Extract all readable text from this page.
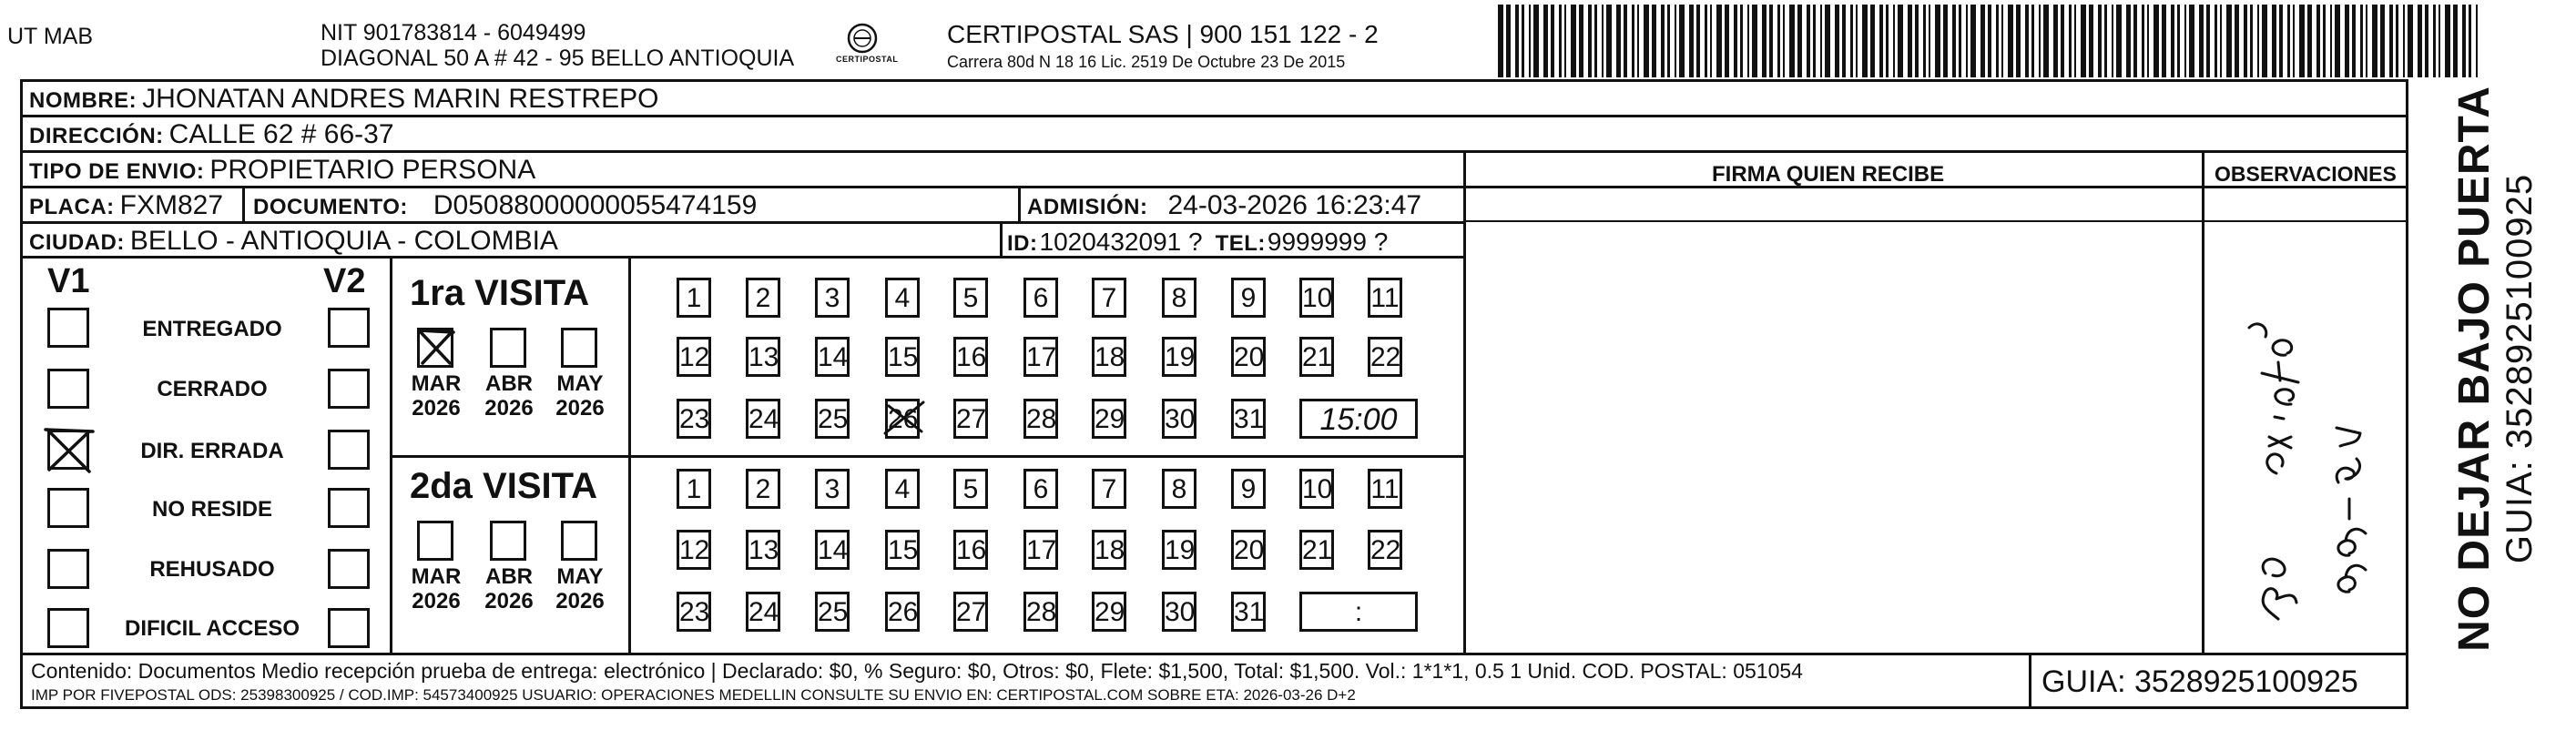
UT MAB	NIT 901783814 - 6049499
DIAGONAL 50 A # 42 - 95 BELLO ANTIOQUIA	CERTIPOSTAL
CERTIPOSTAL SAS | 900 151 122 - 2
Carrera 80d N 18 16 Lic. 2519 De Octubre 23 De 2015
NOMBRE: JHONATAN ANDRES MARIN RESTREPO
DIRECCIÓN: CALLE 62 # 66-37
TIPO DE ENVIO: PROPIETARIO PERSONA	FIRMA QUIEN RECIBE	OBSERVACIONES
PLACA: FXM827 DOCUMENTO: D05088000000055474159	ADMISIÓN: 24-03-2026 16:23:47
CIUDAD: BELLO - ANTIOQUIA - COLOMBIA	ID:1020432091 ? TEL:9999999 ?
V1	V2
ENTREGADO
CERRADO
DIR. ERRADA
NO RESIDE
REHUSADO
DIFICIL ACCESO
1ra VISITA
2da VISITA
MAR
2026
ABR
2026
MAY
2026
1	2	3	4	5	6	7	8	9	10 11
12 13 14 15 16 17 18 19 20 21 22
23 24 25 26 27 28 29 30 31	15:00
MAR
2026
ABR
2026
MAY
2026
1	2	3	4	5	6	7	8	9	10 11
12 13 14 15 16 17 18 19 20 21 22
23 24 25 26 27 28 29 30 31	:
Contenido: Documentos Medio recepción prueba de entrega: electrónico | Declarado: $0, % Seguro: $0, Otros: $0, Flete: $1,500, Total: $1,500. Vol.: 1*1*1, 0.5 1 Unid. COD. POSTAL: 051054
IMP POR FIVEPOSTAL ODS: 25398300925 / COD.IMP: 54573400925 USUARIO: OPERACIONES MEDELLIN CONSULTE SU ENVIO EN: CERTIPOSTAL.COM SOBRE ETA: 2026-03-26 D+2	GUIA: 3528925100925
NO DEJAR BAJO PUERTA GUIA: 3528925100925
